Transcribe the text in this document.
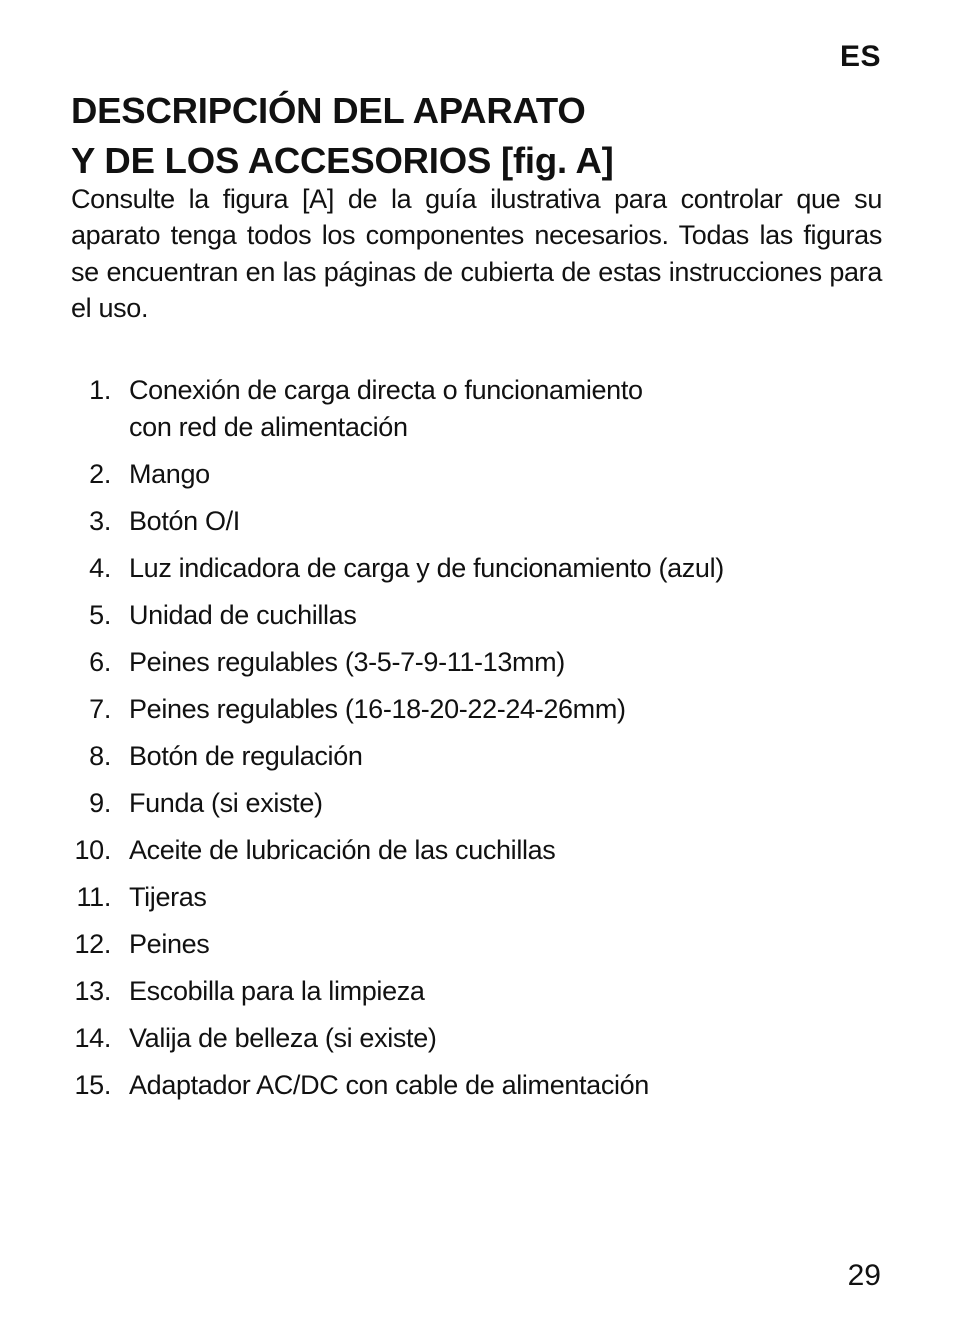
ES
DESCRIPCIÓN DEL APARATO
Y DE LOS ACCESORIOS [fig. A]

Consulte la figura [A] de la guía ilustrativa para controlar que su aparato tenga todos los componentes necesarios. Todas las figuras se encuentran en las páginas de cubierta de estas instrucciones para el uso.

1. Conexión de carga directa o funcionamiento
con red de alimentación
2. Mango
3. Botón O/I
4. Luz indicadora de carga y de funcionamiento (azul)
5. Unidad de cuchillas
6. Peines regulables (3-5-7-9-11-13mm)
7. Peines regulables (16-18-20-22-24-26mm)
8. Botón de regulación
9. Funda (si existe)
10. Aceite de lubricación de las cuchillas
11. Tijeras
12. Peines
13. Escobilla para la limpieza
14. Valija de belleza (si existe)
15. Adaptador AC/DC con cable de alimentación
29
